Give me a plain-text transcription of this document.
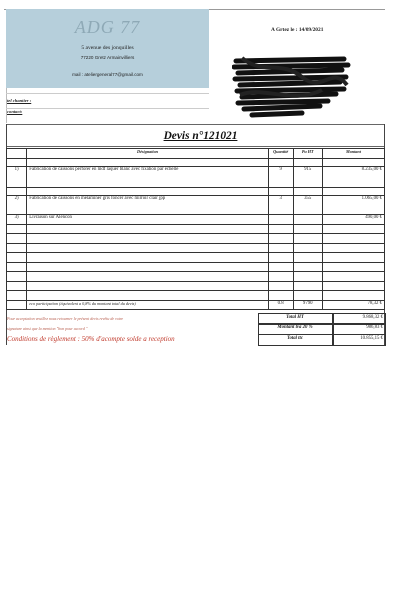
ADG 77
5 avenue des jonquilles
77220 Gretz Armainvilliers
mail : ateliergeneral77@gmail.com
A Grtez le : 14/09/2021
tel chantier :
contact:
Devis n°121021
	Désignation	Quantité	Pu HT	Montant

1)	Fabrication de caissons perforer en mdf laquer blanc avec fixation par echelle	9	915	8.235,00 €

2)	Fabrication de caissons en melaminer gris foncer avec mirroir clair jpp	3	355	1.065,00 €
3)	Livraison sur Alencon			490,00 €

	eco participation (équivalent a 0,8% du montant total du devis)	0.8	9790	78,32 €
Pour acceptation veuillez nous retourner le présent devis revêtu de votre
signature ainsi que la mention "bon pour accord "
Conditions de règlement : 50% d'acompte solde a reception
Total HT	9.868,32 €
Montant tva 20 %	986,83 €
Total ttc	10.855,15 €
